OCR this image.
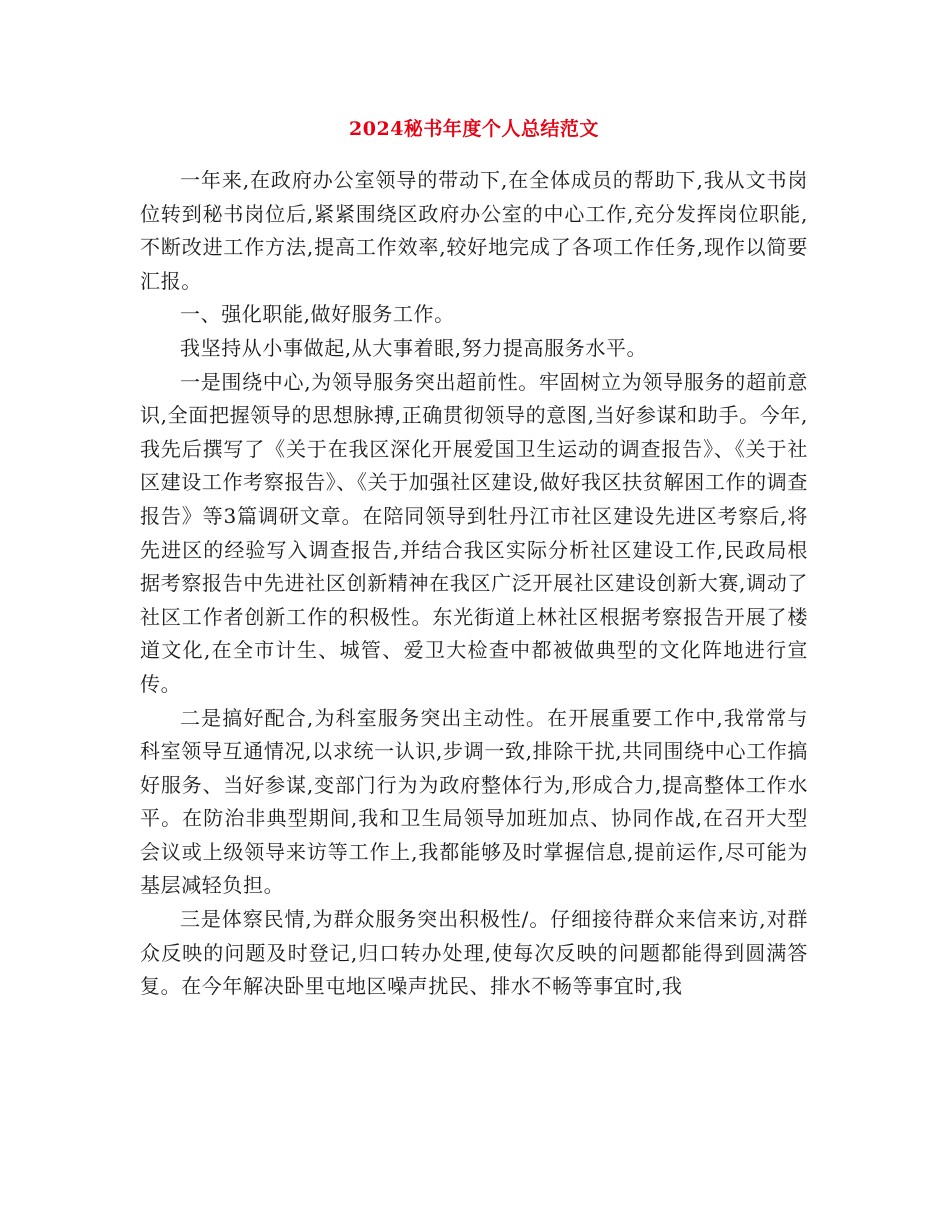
2024秘书年度个人总结范文

一年来,在政府办公室领导的带动下,在全体成员的帮助下,我从文书岗位转到秘书岗位后,紧紧围绕区政府办公室的中心工作,充分发挥岗位职能,不断改进工作方法,提高工作效率,较好地完成了各项工作任务,现作以简要汇报。

一、强化职能,做好服务工作。

我坚持从小事做起,从大事着眼,努力提高服务水平。

一是围绕中心,为领导服务突出超前性。牢固树立为领导服务的超前意识,全面把握领导的思想脉搏,正确贯彻领导的意图,当好参谋和助手。今年,我先后撰写了《关于在我区深化开展爱国卫生运动的调查报告》、《关于社区建设工作考察报告》、《关于加强社区建设,做好我区扶贫解困工作的调查报告》等3篇调研文章。在陪同领导到牡丹江市社区建设先进区考察后,将先进区的经验写入调查报告,并结合我区实际分析社区建设工作,民政局根据考察报告中先进社区创新精神在我区广泛开展社区建设创新大赛,调动了社区工作者创新工作的积极性。东光街道上林社区根据考察报告开展了楼道文化,在全市计生、城管、爱卫大检查中都被做典型的文化阵地进行宣传。

二是搞好配合,为科室服务突出主动性。在开展重要工作中,我常常与科室领导互通情况,以求统一认识,步调一致,排除干扰,共同围绕中心工作搞好服务、当好参谋,变部门行为为政府整体行为,形成合力,提高整体工作水平。在防治非典型期间,我和卫生局领导加班加点、协同作战,在召开大型会议或上级领导来访等工作上,我都能够及时掌握信息,提前运作,尽可能为基层减轻负担。

三是体察民情,为群众服务突出积极性/。仔细接待群众来信来访,对群众反映的问题及时登记,归口转办处理,使每次反映的问题都能得到圆满答复。在今年解决卧里屯地区噪声扰民、排水不畅等事宜时,我
